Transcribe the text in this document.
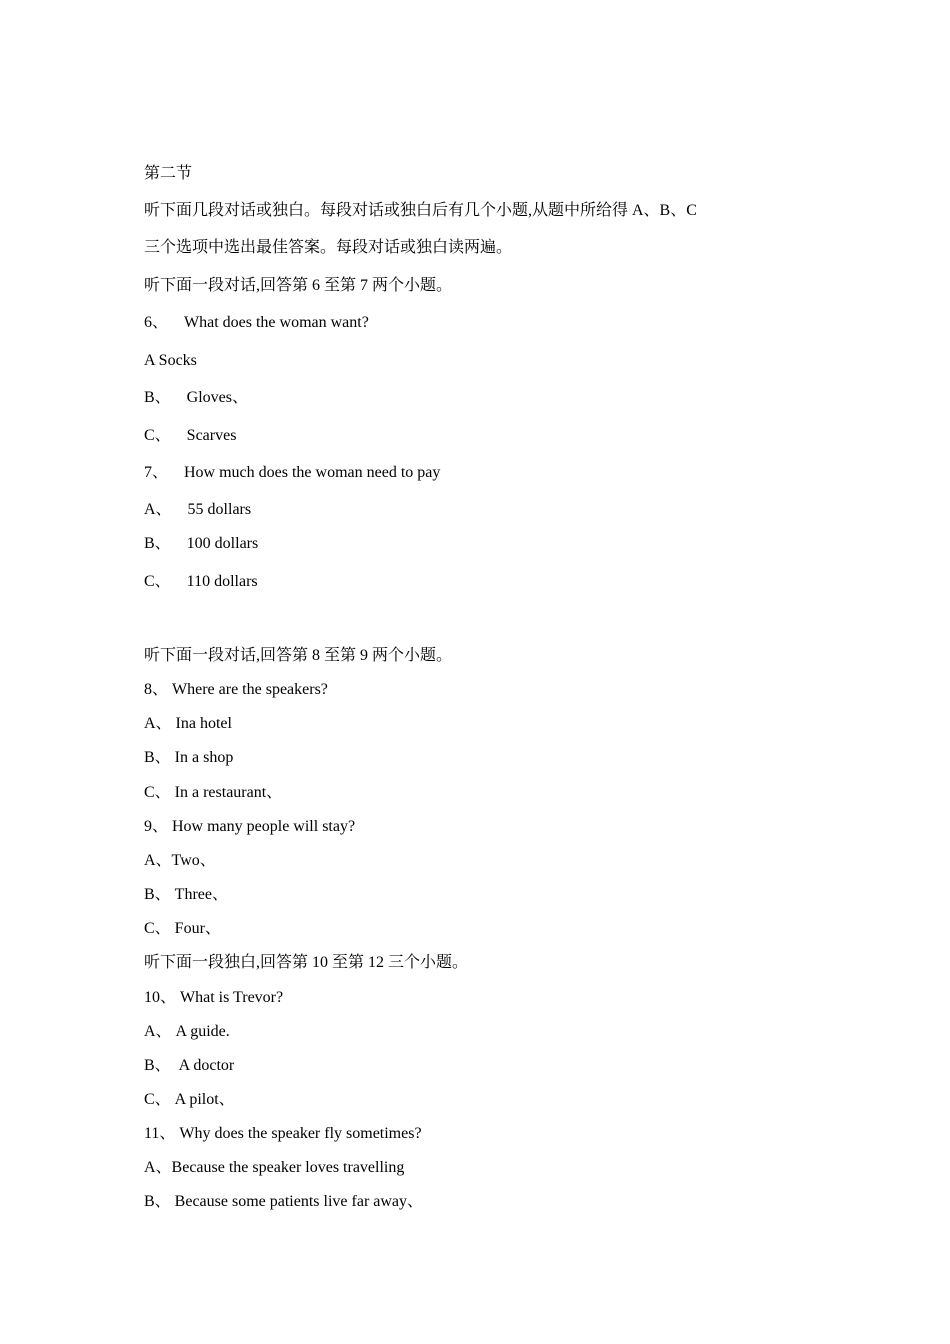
第二节

听下面几段对话或独白。每段对话或独白后有几个小题,从题中所给得 A、B、C

三个选项中选出最佳答案。每段对话或独白读两遍。

听下面一段对话,回答第 6 至第 7 两个小题。

6、    What does the woman want?

A Socks

B、    Gloves、

C、    Scarves

7、    How much does the woman need to pay

A、    55 dollars

B、    100 dollars

C、    110 dollars

听下面一段对话,回答第 8 至第 9 两个小题。

8、 Where are the speakers?

A、 Ina hotel

B、 In a shop

C、 In a restaurant、

9、 How many people will stay?

A、Two、

B、 Three、

C、 Four、

听下面一段独白,回答第 10 至第 12 三个小题。

10、 What is Trevor?

A、 A guide.

B、  A doctor

C、 A pilot、

11、 Why does the speaker fly sometimes?

A、Because the speaker loves travelling

B、 Because some patients live far away、
